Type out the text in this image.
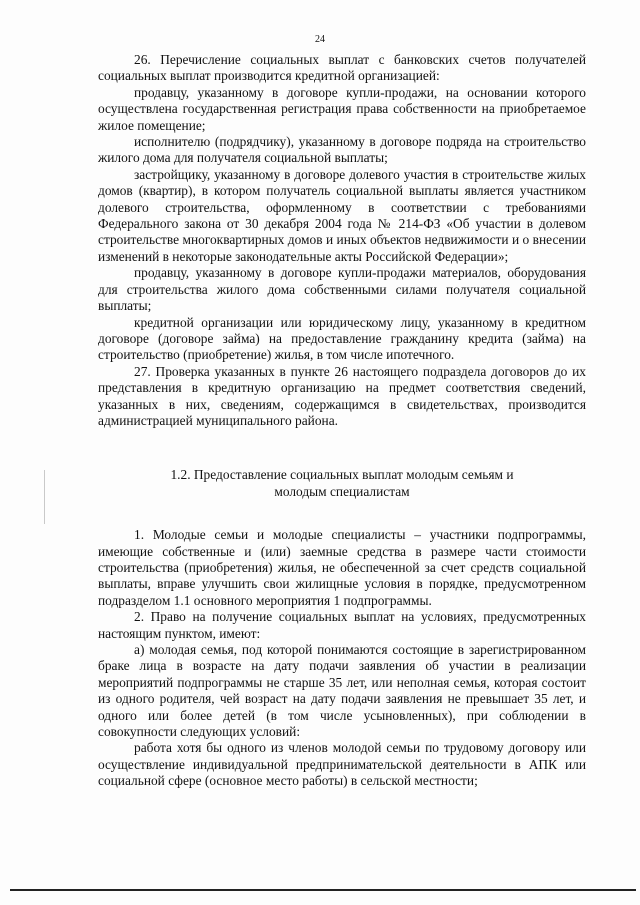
24

26. Перечисление социальных выплат с банковских счетов получателей социальных выплат производится кредитной организацией:

продавцу, указанному в договоре купли-продажи, на основании которого осуществлена государственная регистрация права собственности на приобретаемое жилое помещение;

исполнителю (подрядчику), указанному в договоре подряда на строительство жилого дома для получателя социальной выплаты;

застройщику, указанному в договоре долевого участия в строительстве жилых домов (квартир), в котором получатель социальной выплаты является участником долевого строительства, оформленному в соответствии с требованиями Федерального закона от 30 декабря 2004 года № 214-ФЗ «Об участии в долевом строительстве многоквартирных домов и иных объектов недвижимости и о внесении изменений в некоторые законодательные акты Российской Федерации»;

продавцу, указанному в договоре купли-продажи материалов, оборудования для строительства жилого дома собственными силами получателя социальной выплаты;

кредитной организации или юридическому лицу, указанному в кредитном договоре (договоре займа) на предоставление гражданину кредита (займа) на строительство (приобретение) жилья, в том числе ипотечного.

27. Проверка указанных в пункте 26 настоящего подраздела договоров до их представления в кредитную организацию на предмет соответствия сведений, указанных в них, сведениям, содержащимся в свидетельствах, производится администрацией муниципального района.

1.2. Предоставление социальных выплат молодым семьям и
молодым специалистам

1. Молодые семьи и молодые специалисты – участники подпрограммы, имеющие собственные и (или) заемные средства в размере части стоимости строительства (приобретения) жилья, не обеспеченной за счет средств социальной выплаты, вправе улучшить свои жилищные условия в порядке, предусмотренном подразделом 1.1 основного мероприятия 1 подпрограммы.

2. Право на получение социальных выплат на условиях, предусмотренных настоящим пунктом, имеют:

а) молодая семья, под которой понимаются состоящие в зарегистрированном браке лица в возрасте на дату подачи заявления об участии в реализации мероприятий подпрограммы не старше 35 лет, или неполная семья, которая состоит из одного родителя, чей возраст на дату подачи заявления не превышает 35 лет, и одного или более детей (в том числе усыновленных), при соблюдении в совокупности следующих условий:

работа хотя бы одного из членов молодой семьи по трудовому договору или осуществление индивидуальной предпринимательской деятельности в АПК или социальной сфере (основное место работы) в сельской местности;
